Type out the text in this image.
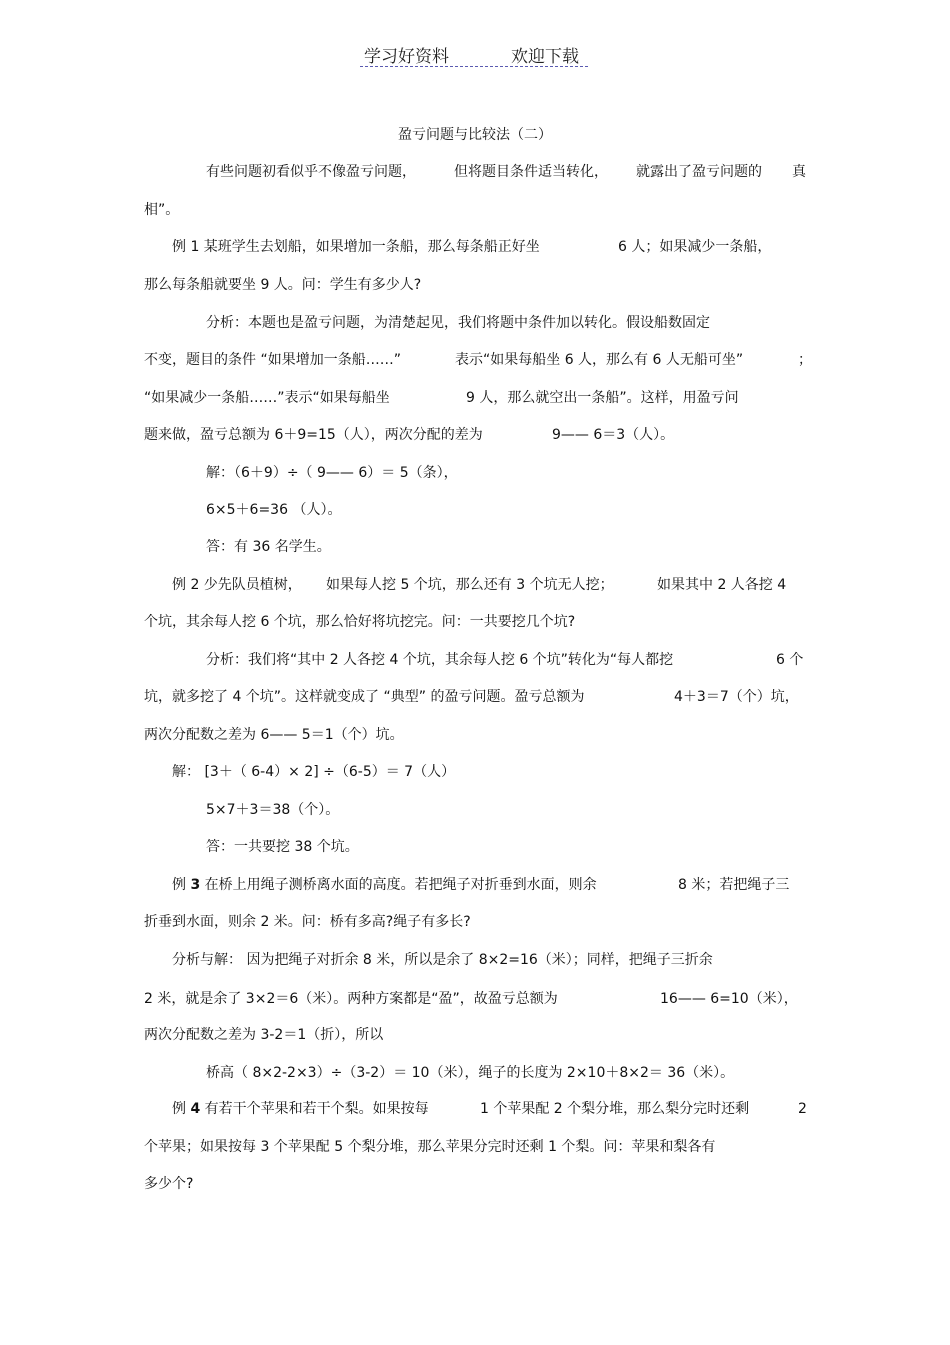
学习好资料	欢迎下载
盈亏问题与比较法（二）
有些问题初看似乎不像盈亏问题，	但将题目条件适当转化， 就露出了盈亏问题的 真
相”。
例 1 某班学生去划船，如果增加一条船，那么每条船正好坐	6 人；如果减少一条船，
那么每条船就要坐 9 人。问：学生有多少人?
分析：本题也是盈亏问题，为清楚起见，我们将题中条件加以转化。假设船数固定
不变，题目的条件 “如果增加一条船……”	表示“如果每船坐 6 人，那么有 6 人无船可坐”	；
“如果减少一条船……”表示“如果每船坐	9 人，那么就空出一条船”。这样，用盈亏问
题来做，盈亏总额为 6＋9=15（人），两次分配的差为	9—— 6＝3（人）。
解：（6＋9）÷（ 9—— 6）＝ 5（条），
6×5＋6=36 （人）。
答：有 36 名学生。
例 2 少先队员植树， 如果每人挖 5 个坑，那么还有 3 个坑无人挖；	如果其中 2 人各挖 4
个坑，其余每人挖 6 个坑，那么恰好将坑挖完。问：一共要挖几个坑?
分析：我们将“其中 2 人各挖 4 个坑，其余每人挖 6 个坑”转化为“每人都挖	6 个
坑，就多挖了 4 个坑”。这样就变成了 “典型” 的盈亏问题。盈亏总额为	4＋3＝7（个）坑，
两次分配数之差为 6—— 5＝1（个）坑。
解： [3＋（ 6-4）× 2] ÷（6-5）＝ 7（人）
5×7＋3＝38（个）。
答：一共要挖 38 个坑。
例 3 在桥上用绳子测桥离水面的高度。若把绳子对折垂到水面，则余	8 米；若把绳子三
折垂到水面，则余 2 米。问：桥有多高?绳子有多长?
分析与解： 因为把绳子对折余 8 米，所以是余了 8×2=16（米）；同样，把绳子三折余
2 米，就是余了 3×2＝6（米）。两种方案都是“盈”，故盈亏总额为	16—— 6=10（米），
两次分配数之差为 3-2＝1（折），所以
桥高（ 8×2-2×3）÷（3-2）＝ 10（米），绳子的长度为 2×10＋8×2＝ 36（米）。
例 4 有若干个苹果和若干个梨。如果按每	1 个苹果配 2 个梨分堆，那么梨分完时还剩	2
个苹果；如果按每 3 个苹果配 5 个梨分堆，那么苹果分完时还剩 1 个梨。问：苹果和梨各有
多少个?
